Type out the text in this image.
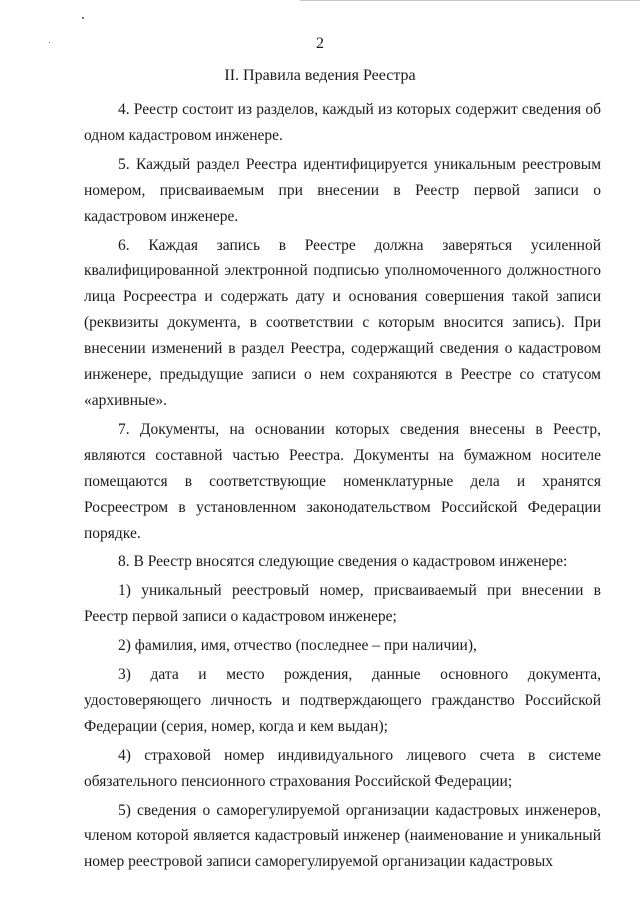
2
II. Правила ведения Реестра

4. Реестр состоит из разделов, каждый из которых содержит сведения об одном кадастровом инженере.

5. Каждый раздел Реестра идентифицируется уникальным реестровым номером, присваиваемым при внесении в Реестр первой записи о кадастровом инженере.

6. Каждая запись в Реестре должна заверяться усиленной квалифицированной электронной подписью уполномоченного должностного лица Росреестра и содержать дату и основания совершения такой записи (реквизиты документа, в соответствии с которым вносится запись). При внесении изменений в раздел Реестра, содержащий сведения о кадастровом инженере, предыдущие записи о нем сохраняются в Реестре со статусом «архивные».

7. Документы, на основании которых сведения внесены в Реестр, являются составной частью Реестра. Документы на бумажном носителе помещаются в соответствующие номенклатурные дела и хранятся Росреестром в установленном законодательством Российской Федерации порядке.

8. В Реестр вносятся следующие сведения о кадастровом инженере:

1) уникальный реестровый номер, присваиваемый при внесении в Реестр первой записи о кадастровом инженере;

2) фамилия, имя, отчество (последнее – при наличии),

3) дата и место рождения, данные основного документа, удостоверяющего личность и подтверждающего гражданство Российской Федерации (серия, номер, когда и кем выдан);

4) страховой номер индивидуального лицевого счета в системе обязательного пенсионного страхования Российской Федерации;

5) сведения о саморегулируемой организации кадастровых инженеров, членом которой является кадастровый инженер (наименование и уникальный номер реестровой записи саморегулируемой организации кадастровых
